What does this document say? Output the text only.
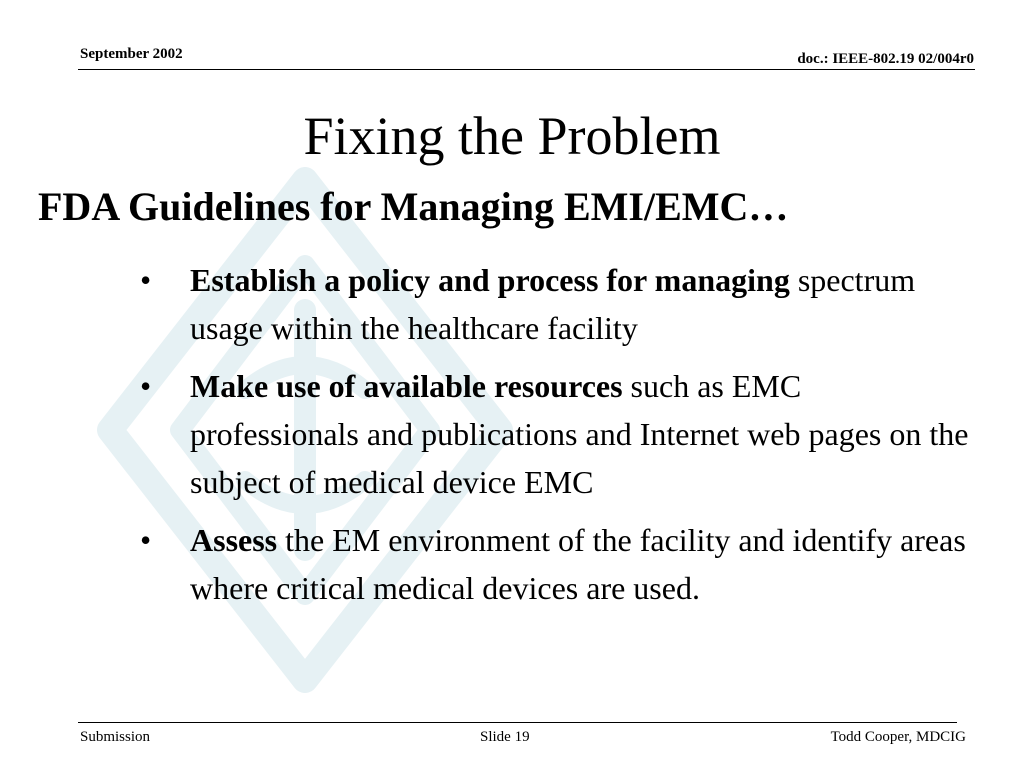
September 2002	doc.: IEEE-802.19 02/004r0
Fixing the Problem
FDA Guidelines for Managing EMI/EMC…
• Establish a policy and process for managing spectrum usage within the healthcare facility
• Make use of available resources such as EMC professionals and publications and Internet web pages on the subject of medical device EMC
• Assess the EM environment of the facility and identify areas where critical medical devices are used.
Submission	Slide 19	Todd Cooper, MDCIG
